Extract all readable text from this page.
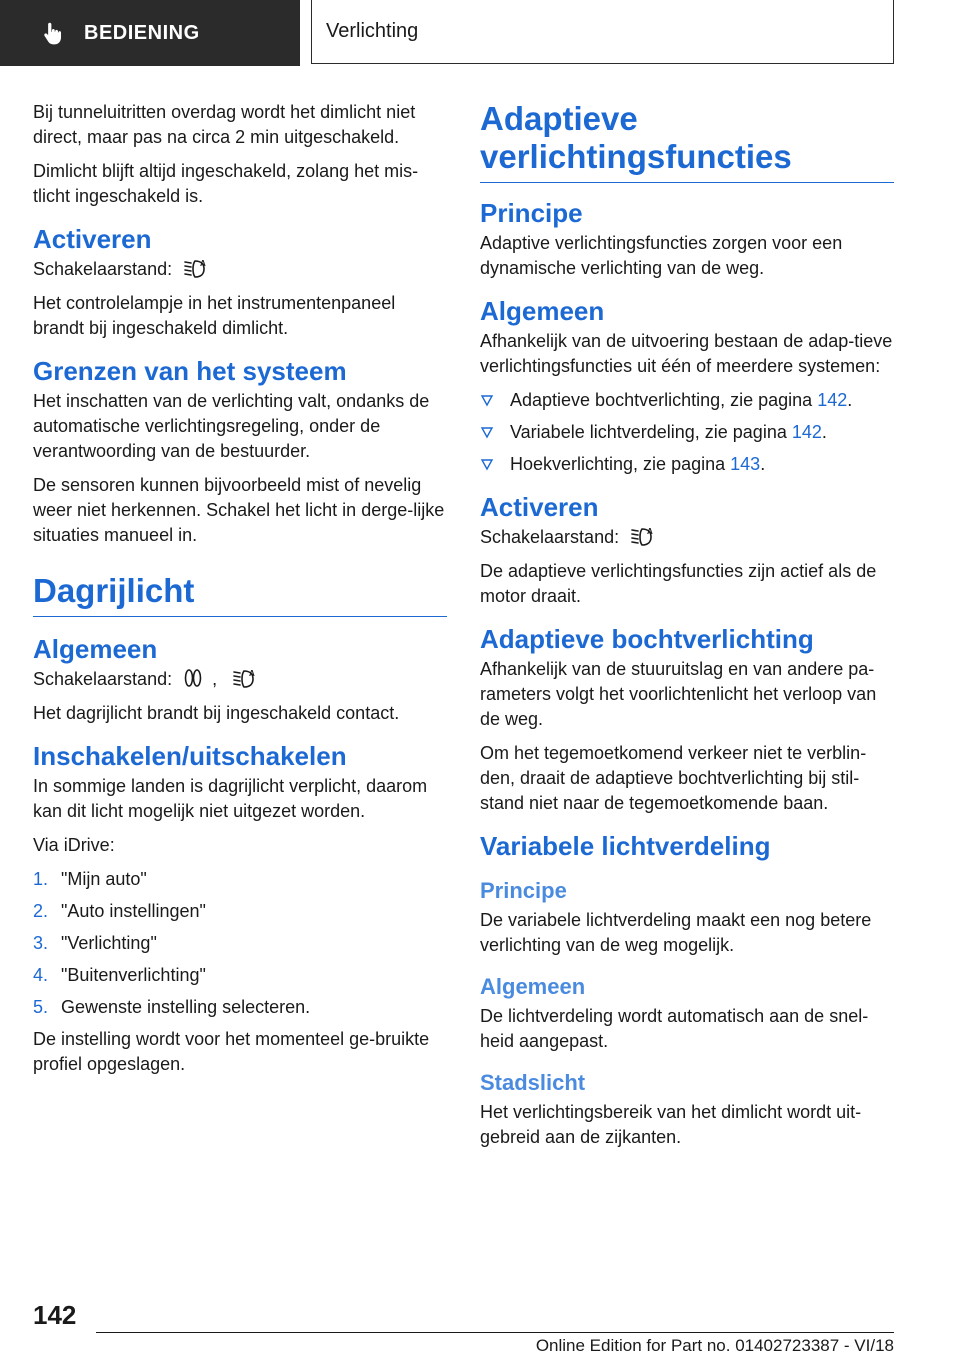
BEDIENING	Verlichting

Bij tunneluitritten overdag wordt het dimlicht niet direct, maar pas na circa 2 min uitgeschakeld.

Dimlicht blijft altijd ingeschakeld, zolang het mis-tlicht ingeschakeld is.

Activeren

Schakelaarstand:	A

Het controlelampje in het instrumentenpaneel brandt bij ingeschakeld dimlicht.

Grenzen van het systeem

Het inschatten van de verlichting valt, ondanks de automatische verlichtingsregeling, onder de verantwoording van de bestuurder.

De sensoren kunnen bijvoorbeeld mist of nevelig weer niet herkennen. Schakel het licht in derge-lijke situaties manueel in.

Dagrijlicht
Algemeen

Schakelaarstand: ,	A

Het dagrijlicht brandt bij ingeschakeld contact.

Inschakelen/uitschakelen

In sommige landen is dagrijlicht verplicht, daarom kan dit licht mogelijk niet uitgezet worden.

Via iDrive:

1. "Mijn auto"
2. "Auto instellingen"
3. "Verlichting"
4. "Buitenverlichting"
5. Gewenste instelling selecteren.

De instelling wordt voor het momenteel ge-bruikte profiel opgeslagen.

Adaptieve verlichtingsfuncties
Principe

Adaptive verlichtingsfuncties zorgen voor een dynamische verlichting van de weg.

Algemeen

Afhankelijk van de uitvoering bestaan de adap-tieve verlichtingsfuncties uit één of meerdere systemen:

Adaptieve bochtverlichting, zie pagina 142.
Variabele lichtverdeling, zie pagina 142.
Hoekverlichting, zie pagina 143.
Activeren

Schakelaarstand:	A

De adaptieve verlichtingsfuncties zijn actief als de motor draait.

Adaptieve bochtverlichting

Afhankelijk van de stuuruitslag en van andere pa-rameters volgt het voorlichtenlicht het verloop van de weg.

Om het tegemoetkomend verkeer niet te verblin-den, draait de adaptieve bochtverlichting bij stil-stand niet naar de tegemoetkomende baan.

Variabele lichtverdeling
Principe

De variabele lichtverdeling maakt een nog betere verlichting van de weg mogelijk.

Algemeen

De lichtverdeling wordt automatisch aan de snel-heid aangepast.

Stadslicht

Het verlichtingsbereik van het dimlicht wordt uit-gebreid aan de zijkanten.

142
Online Edition for Part no. 01402723387 - VI/18
